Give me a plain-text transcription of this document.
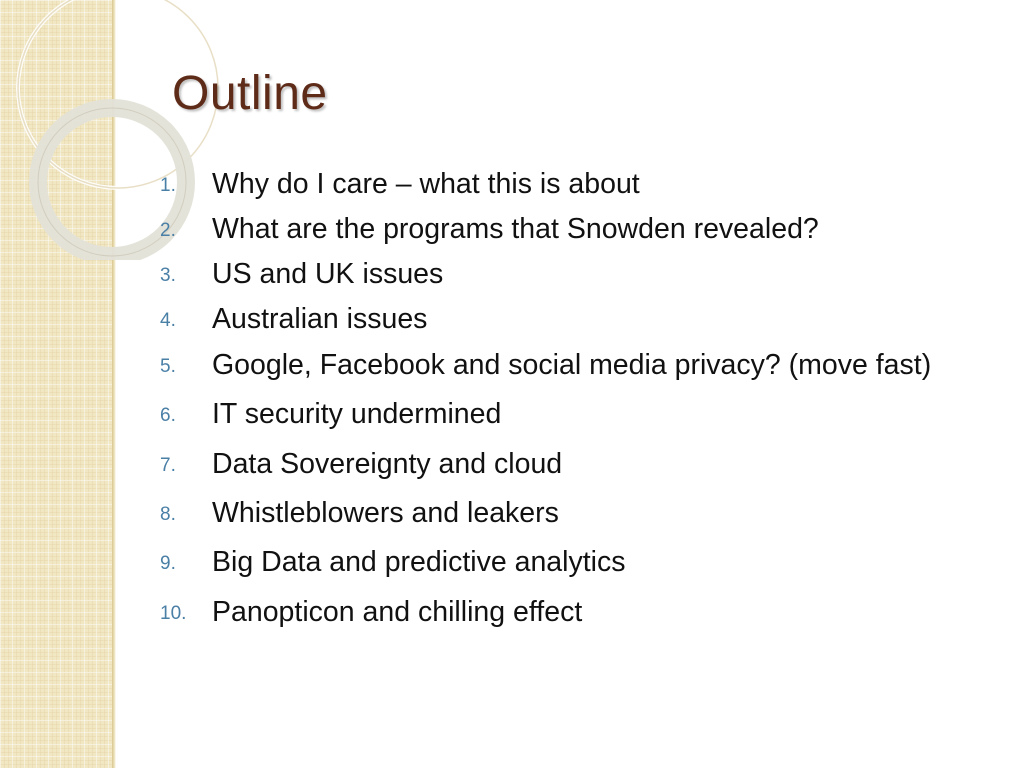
Outline
1. Why do I care – what this is about
2. What are the programs that Snowden revealed?
3. US and UK issues
4. Australian issues
5. Google, Facebook and social media privacy? (move fast)
6. IT security undermined
7. Data Sovereignty and cloud
8. Whistleblowers and leakers
9. Big Data and predictive analytics
10. Panopticon and chilling effect
